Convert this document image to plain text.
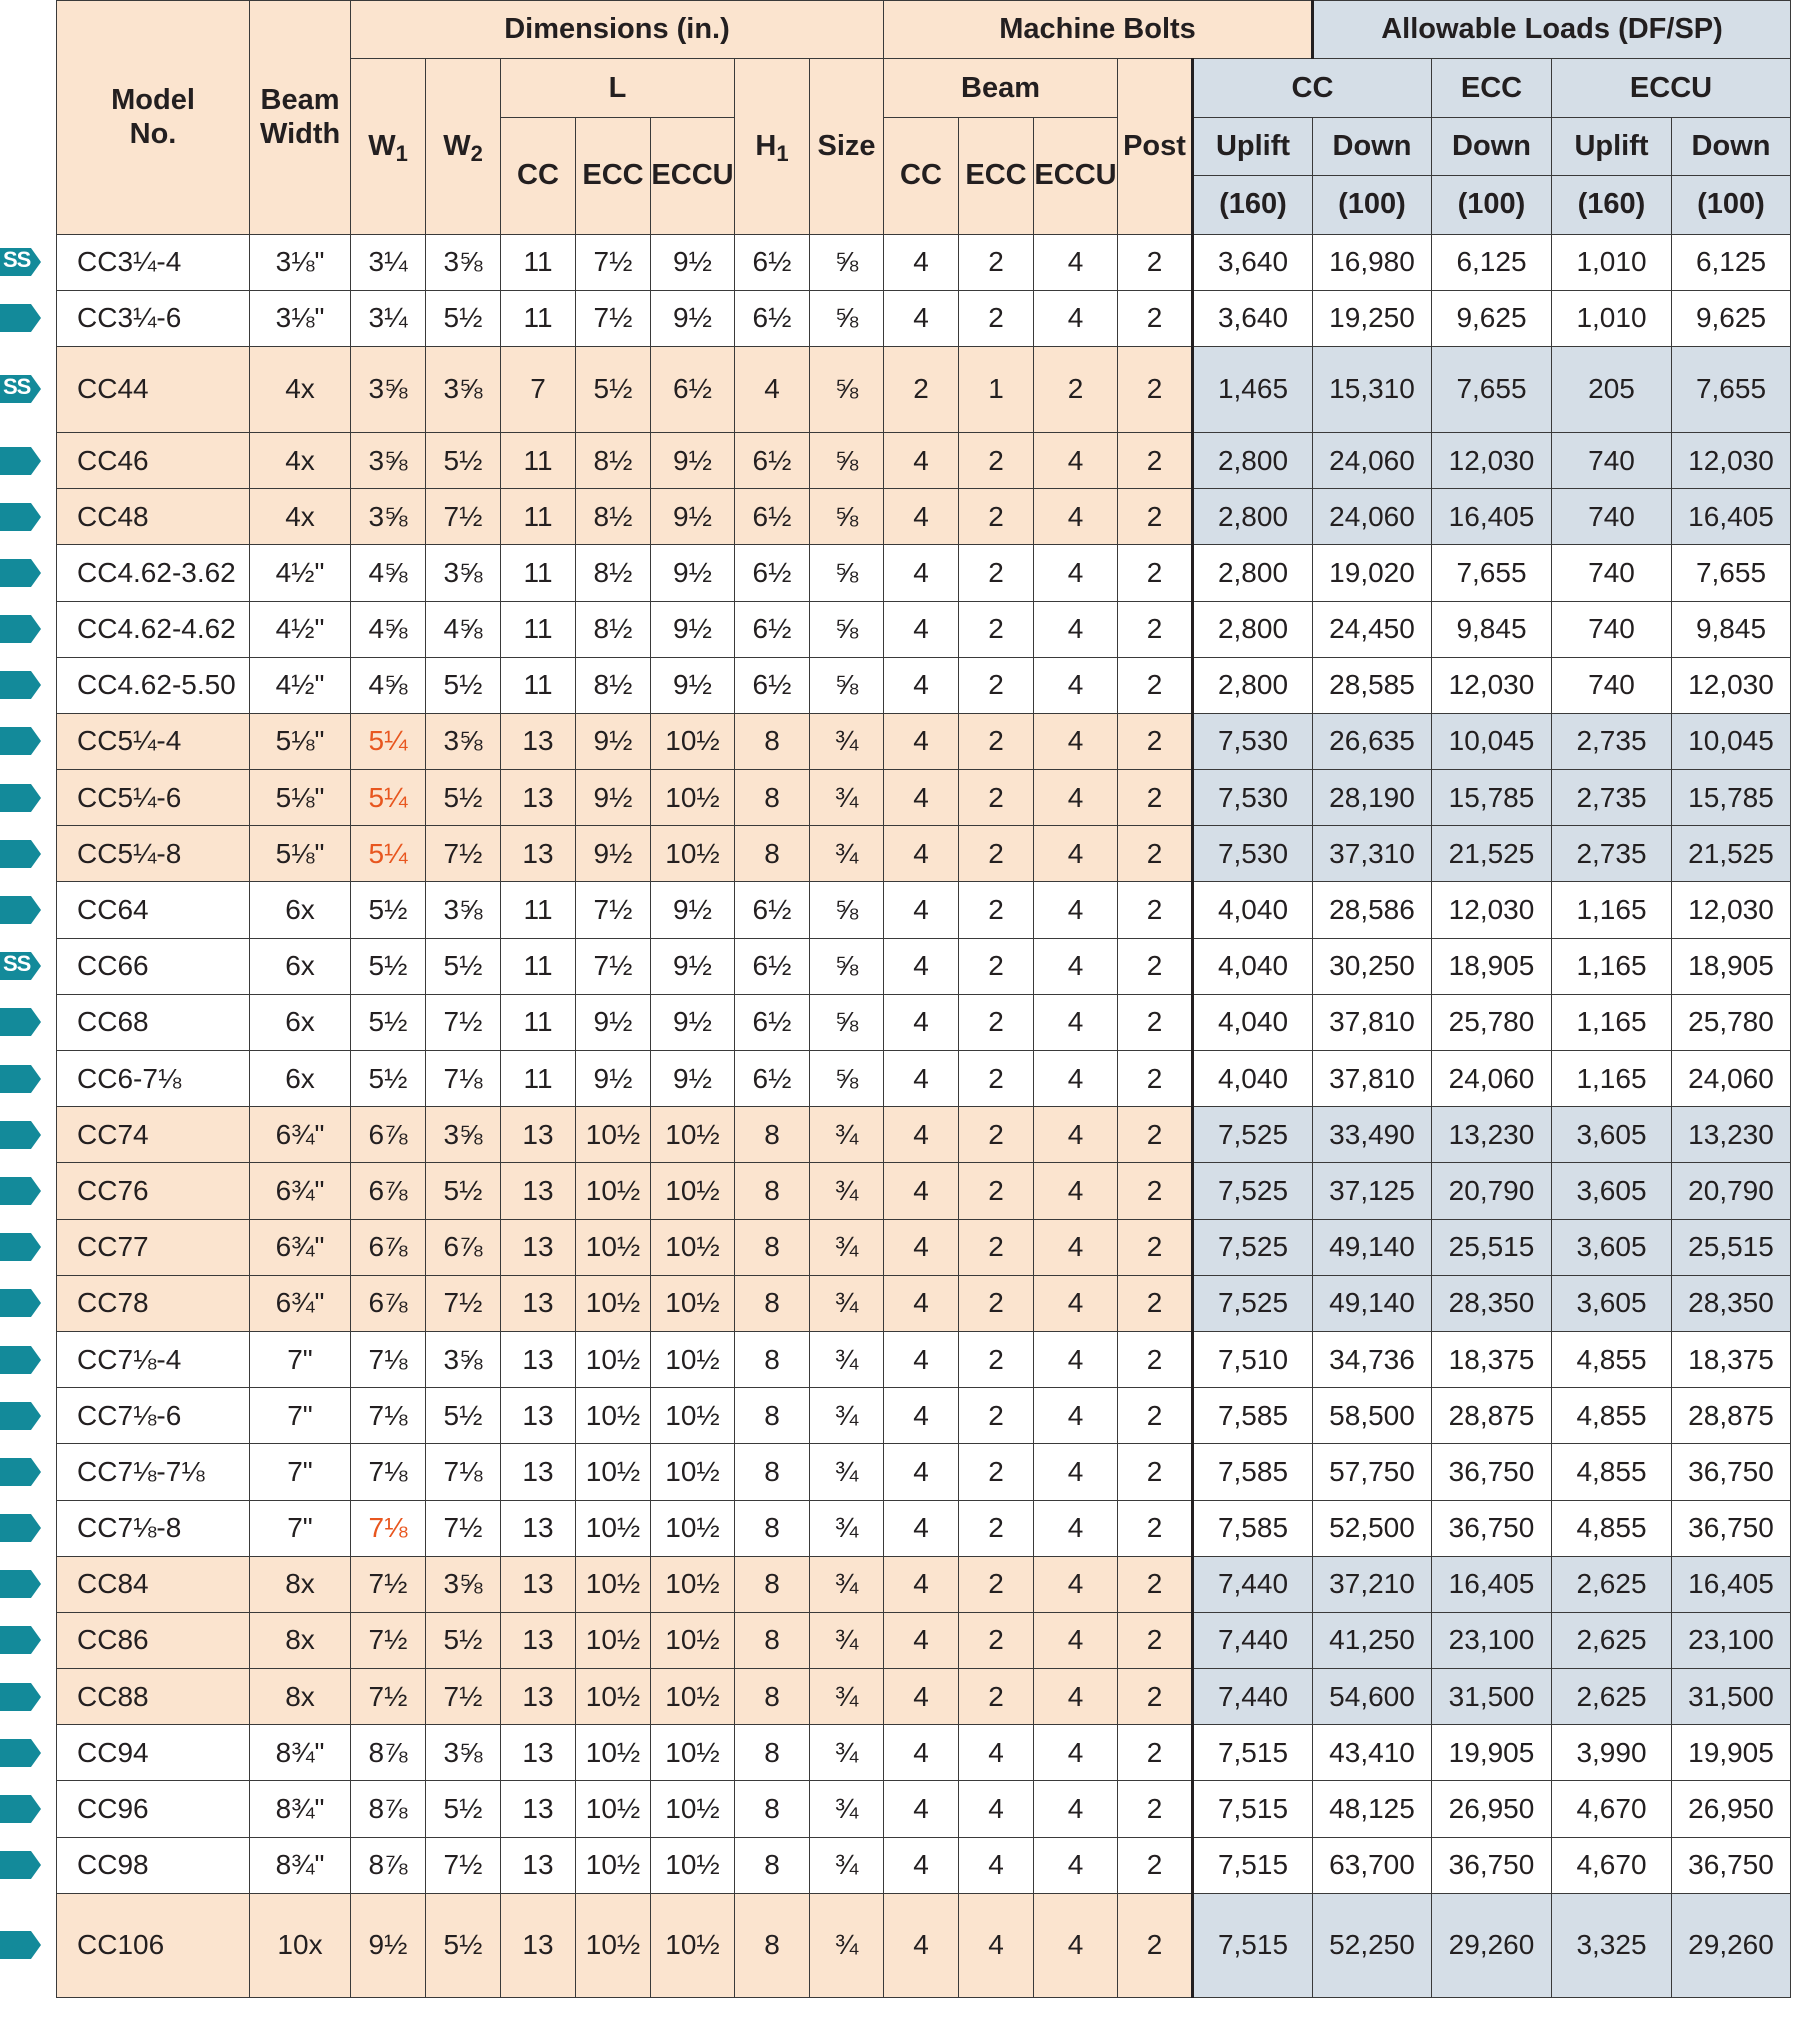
SS
SS
SS
Model No.	Beam Width	Dimensions (in.)							Machine Bolts					Allowable Loads (DF/SP)			
		$W_1$	$W_2$	L			$H_1$	Size	Beam			Post	CC		ECC	ECCU	
				CC	ECC	ECCU			CC	ECC	ECCU		Uplift	Down	Down	Uplift	Down
													(160)	(100)	(100)	(160)	(100)
CC3¼-4	3⅛"	3¼	3⅝	11	7½	9½	6½	⅝	4	2	4	2	3,640	16,980	6,125	1,010	6,125
CC3¼-6	3⅛"	3¼	5½	11	7½	9½	6½	⅝	4	2	4	2	3,640	19,250	9,625	1,010	9,625
CC44	4x	3⅝	3⅝	7	5½	6½	4	⅝	2	1	2	2	1,465	15,310	7,655	205	7,655
CC46	4x	3⅝	5½	11	8½	9½	6½	⅝	4	2	4	2	2,800	24,060	12,030	740	12,030
CC48	4x	3⅝	7½	11	8½	9½	6½	⅝	4	2	4	2	2,800	24,060	16,405	740	16,405
CC4.62-3.62	4½"	4⅝	3⅝	11	8½	9½	6½	⅝	4	2	4	2	2,800	19,020	7,655	740	7,655
CC4.62-4.62	4½"	4⅝	4⅝	11	8½	9½	6½	⅝	4	2	4	2	2,800	24,450	9,845	740	9,845
CC4.62-5.50	4½"	4⅝	5½	11	8½	9½	6½	⅝	4	2	4	2	2,800	28,585	12,030	740	12,030
CC5¼-4	5⅛"	5¼	3⅝	13	9½	10½	8	¾	4	2	4	2	7,530	26,635	10,045	2,735	10,045
CC5¼-6	5⅛"	5¼	5½	13	9½	10½	8	¾	4	2	4	2	7,530	28,190	15,785	2,735	15,785
CC5¼-8	5⅛"	5¼	7½	13	9½	10½	8	¾	4	2	4	2	7,530	37,310	21,525	2,735	21,525
CC64	6x	5½	3⅝	11	7½	9½	6½	⅝	4	2	4	2	4,040	28,586	12,030	1,165	12,030
CC66	6x	5½	5½	11	7½	9½	6½	⅝	4	2	4	2	4,040	30,250	18,905	1,165	18,905
CC68	6x	5½	7½	11	9½	9½	6½	⅝	4	2	4	2	4,040	37,810	25,780	1,165	25,780
CC6-7⅛	6x	5½	7⅛	11	9½	9½	6½	⅝	4	2	4	2	4,040	37,810	24,060	1,165	24,060
CC74	6¾"	6⅞	3⅝	13	10½	10½	8	¾	4	2	4	2	7,525	33,490	13,230	3,605	13,230
CC76	6¾"	6⅞	5½	13	10½	10½	8	¾	4	2	4	2	7,525	37,125	20,790	3,605	20,790
CC77	6¾"	6⅞	6⅞	13	10½	10½	8	¾	4	2	4	2	7,525	49,140	25,515	3,605	25,515
CC78	6¾"	6⅞	7½	13	10½	10½	8	¾	4	2	4	2	7,525	49,140	28,350	3,605	28,350
CC7⅛-4	7"	7⅛	3⅝	13	10½	10½	8	¾	4	2	4	2	7,510	34,736	18,375	4,855	18,375
CC7⅛-6	7"	7⅛	5½	13	10½	10½	8	¾	4	2	4	2	7,585	58,500	28,875	4,855	28,875
CC7⅛-7⅛	7"	7⅛	7⅛	13	10½	10½	8	¾	4	2	4	2	7,585	57,750	36,750	4,855	36,750
CC7⅛-8	7"	7⅛	7½	13	10½	10½	8	¾	4	2	4	2	7,585	52,500	36,750	4,855	36,750
CC84	8x	7½	3⅝	13	10½	10½	8	¾	4	2	4	2	7,440	37,210	16,405	2,625	16,405
CC86	8x	7½	5½	13	10½	10½	8	¾	4	2	4	2	7,440	41,250	23,100	2,625	23,100
CC88	8x	7½	7½	13	10½	10½	8	¾	4	2	4	2	7,440	54,600	31,500	2,625	31,500
CC94	8¾"	8⅞	3⅝	13	10½	10½	8	¾	4	4	4	2	7,515	43,410	19,905	3,990	19,905
CC96	8¾"	8⅞	5½	13	10½	10½	8	¾	4	4	4	2	7,515	48,125	26,950	4,670	26,950
CC98	8¾"	8⅞	7½	13	10½	10½	8	¾	4	4	4	2	7,515	63,700	36,750	4,670	36,750
CC106	10x	9½	5½	13	10½	10½	8	¾	4	4	4	2	7,515	52,250	29,260	3,325	29,260
